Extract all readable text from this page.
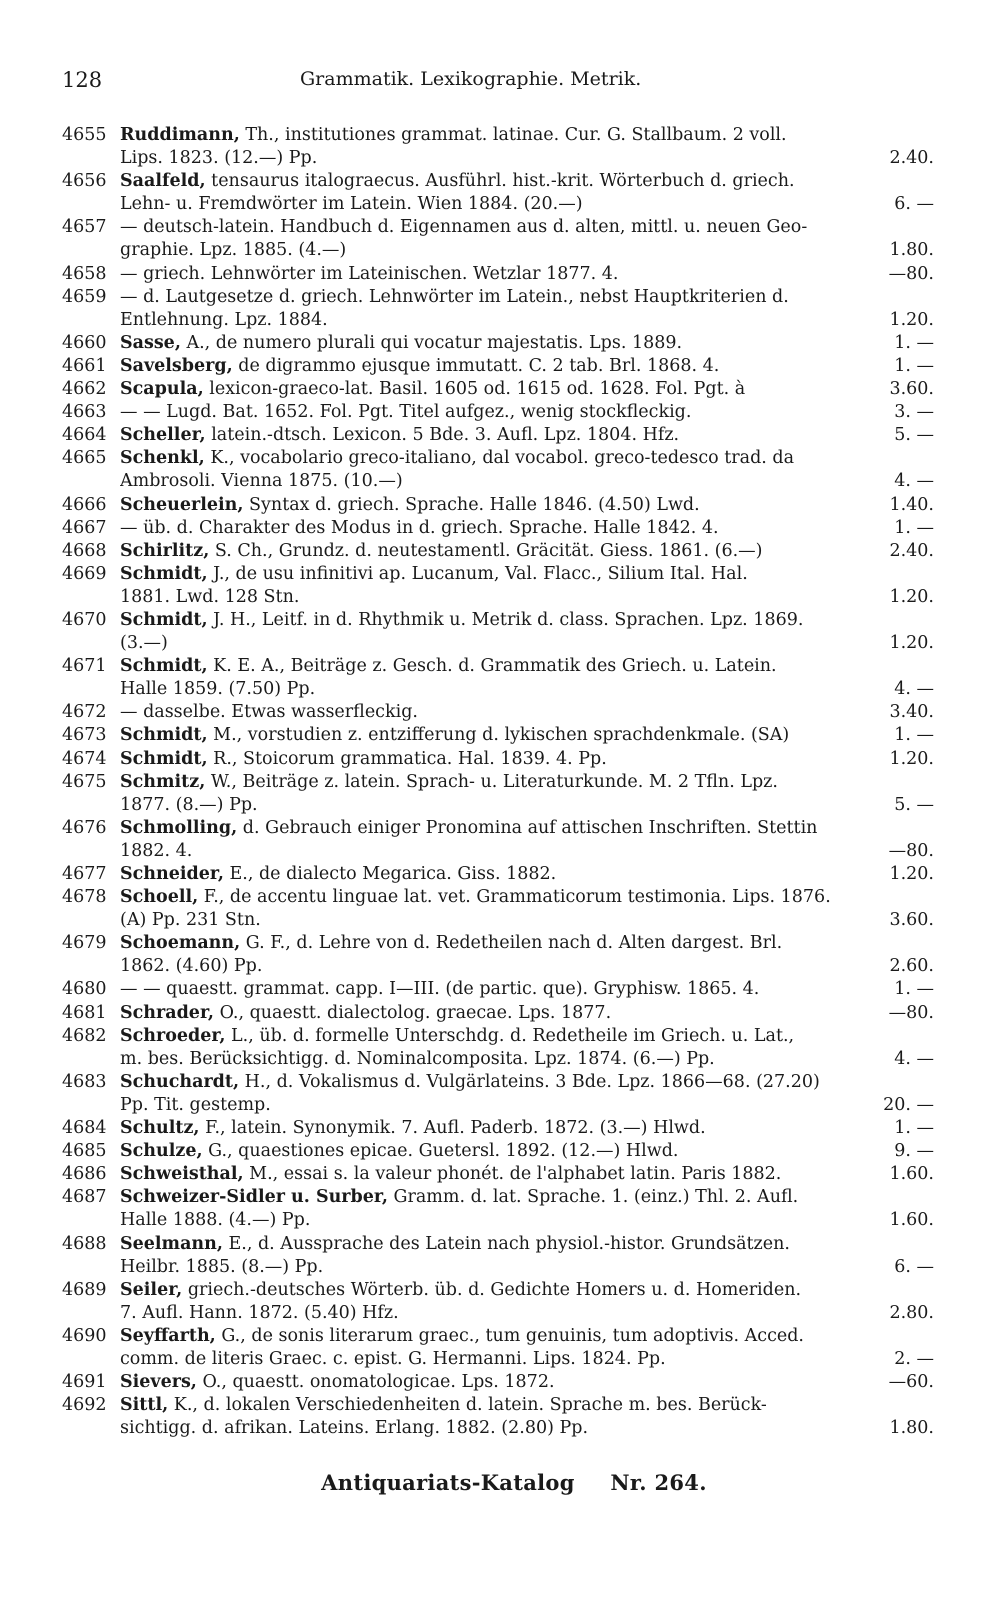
128	Grammatik. Lexikographie. Metrik.
4655 Ruddimann, Th., institutiones grammat. latinae. Cur. G. Stallbaum. 2 voll.
Lips. 1823. (12.—) Pp.	2.40.
4656 Saalfeld, tensaurus italograecus. Ausführl. hist.-krit. Wörterbuch d. griech.
Lehn- u. Fremdwörter im Latein. Wien 1884. (20.—)	6. —
4657 — deutsch-latein. Handbuch d. Eigennamen aus d. alten, mittl. u. neuen Geo-
graphie. Lpz. 1885. (4.—)	1.80.
4658 — griech. Lehnwörter im Lateinischen. Wetzlar 1877. 4.	—80.
4659 — d. Lautgesetze d. griech. Lehnwörter im Latein., nebst Hauptkriterien d.
Entlehnung. Lpz. 1884.	1.20.
4660 Sasse, A., de numero plurali qui vocatur majestatis. Lps. 1889.	1. —
4661 Savelsberg, de digrammo ejusque immutatt. C. 2 tab. Brl. 1868. 4.	1. —
4662 Scapula, lexicon-graeco-lat. Basil. 1605 od. 1615 od. 1628. Fol. Pgt. à	3.60.
4663 — — Lugd. Bat. 1652. Fol. Pgt. Titel aufgez., wenig stockfleckig.	3. —
4664 Scheller, latein.-dtsch. Lexicon. 5 Bde. 3. Aufl. Lpz. 1804. Hfz.	5. —
4665 Schenkl, K., vocabolario greco-italiano, dal vocabol. greco-tedesco trad. da
Ambrosoli. Vienna 1875. (10.—)	4. —
4666 Scheuerlein, Syntax d. griech. Sprache. Halle 1846. (4.50) Lwd.	1.40.
4667 — üb. d. Charakter des Modus in d. griech. Sprache. Halle 1842. 4.	1. —
4668 Schirlitz, S. Ch., Grundz. d. neutestamentl. Gräcität. Giess. 1861. (6.—)	2.40.
4669 Schmidt, J., de usu infinitivi ap. Lucanum, Val. Flacc., Silium Ital. Hal.
1881. Lwd. 128 Stn.	1.20.
4670 Schmidt, J. H., Leitf. in d. Rhythmik u. Metrik d. class. Sprachen. Lpz. 1869.
(3.—)	1.20.
4671 Schmidt, K. E. A., Beiträge z. Gesch. d. Grammatik des Griech. u. Latein.
Halle 1859. (7.50) Pp.	4. —
4672 — dasselbe. Etwas wasserfleckig.	3.40.
4673 Schmidt, M., vorstudien z. entzifferung d. lykischen sprachdenkmale. (SA)	1. —
4674 Schmidt, R., Stoicorum grammatica. Hal. 1839. 4. Pp.	1.20.
4675 Schmitz, W., Beiträge z. latein. Sprach- u. Literaturkunde. M. 2 Tfln. Lpz.
1877. (8.—) Pp.	5. —
4676 Schmolling, d. Gebrauch einiger Pronomina auf attischen Inschriften. Stettin
1882. 4.	—80.
4677 Schneider, E., de dialecto Megarica. Giss. 1882.	1.20.
4678 Schoell, F., de accentu linguae lat. vet. Grammaticorum testimonia. Lips. 1876.
(A) Pp. 231 Stn.	3.60.
4679 Schoemann, G. F., d. Lehre von d. Redetheilen nach d. Alten dargest. Brl.
1862. (4.60) Pp.	2.60.
4680 — — quaestt. grammat. capp. I—III. (de partic. que). Gryphisw. 1865. 4.	1. —
4681 Schrader, O., quaestt. dialectolog. graecae. Lps. 1877.	—80.
4682 Schroeder, L., üb. d. formelle Unterschdg. d. Redetheile im Griech. u. Lat.,
m. bes. Berücksichtigg. d. Nominalcomposita. Lpz. 1874. (6.—) Pp.	4. —
4683 Schuchardt, H., d. Vokalismus d. Vulgärlateins. 3 Bde. Lpz. 1866—68. (27.20)
Pp. Tit. gestemp.	20. —
4684 Schultz, F., latein. Synonymik. 7. Aufl. Paderb. 1872. (3.—) Hlwd.	1. —
4685 Schulze, G., quaestiones epicae. Guetersl. 1892. (12.—) Hlwd.	9. —
4686 Schweisthal, M., essai s. la valeur phonét. de l'alphabet latin. Paris 1882.	1.60.
4687 Schweizer-Sidler u. Surber, Gramm. d. lat. Sprache. 1. (einz.) Thl. 2. Aufl.
Halle 1888. (4.—) Pp.	1.60.
4688 Seelmann, E., d. Aussprache des Latein nach physiol.-histor. Grundsätzen.
Heilbr. 1885. (8.—) Pp.	6. —
4689 Seiler, griech.-deutsches Wörterb. üb. d. Gedichte Homers u. d. Homeriden.
7. Aufl. Hann. 1872. (5.40) Hfz.	2.80.
4690 Seyffarth, G., de sonis literarum graec., tum genuinis, tum adoptivis. Acced.
comm. de literis Graec. c. epist. G. Hermanni. Lips. 1824. Pp.	2. —
4691 Sievers, O., quaestt. onomatologicae. Lps. 1872.	—60.
4692 Sittl, K., d. lokalen Verschiedenheiten d. latein. Sprache m. bes. Berück-
sichtigg. d. afrikan. Lateins. Erlang. 1882. (2.80) Pp.	1.80.
Antiquariats-Katalog Nr. 264.
